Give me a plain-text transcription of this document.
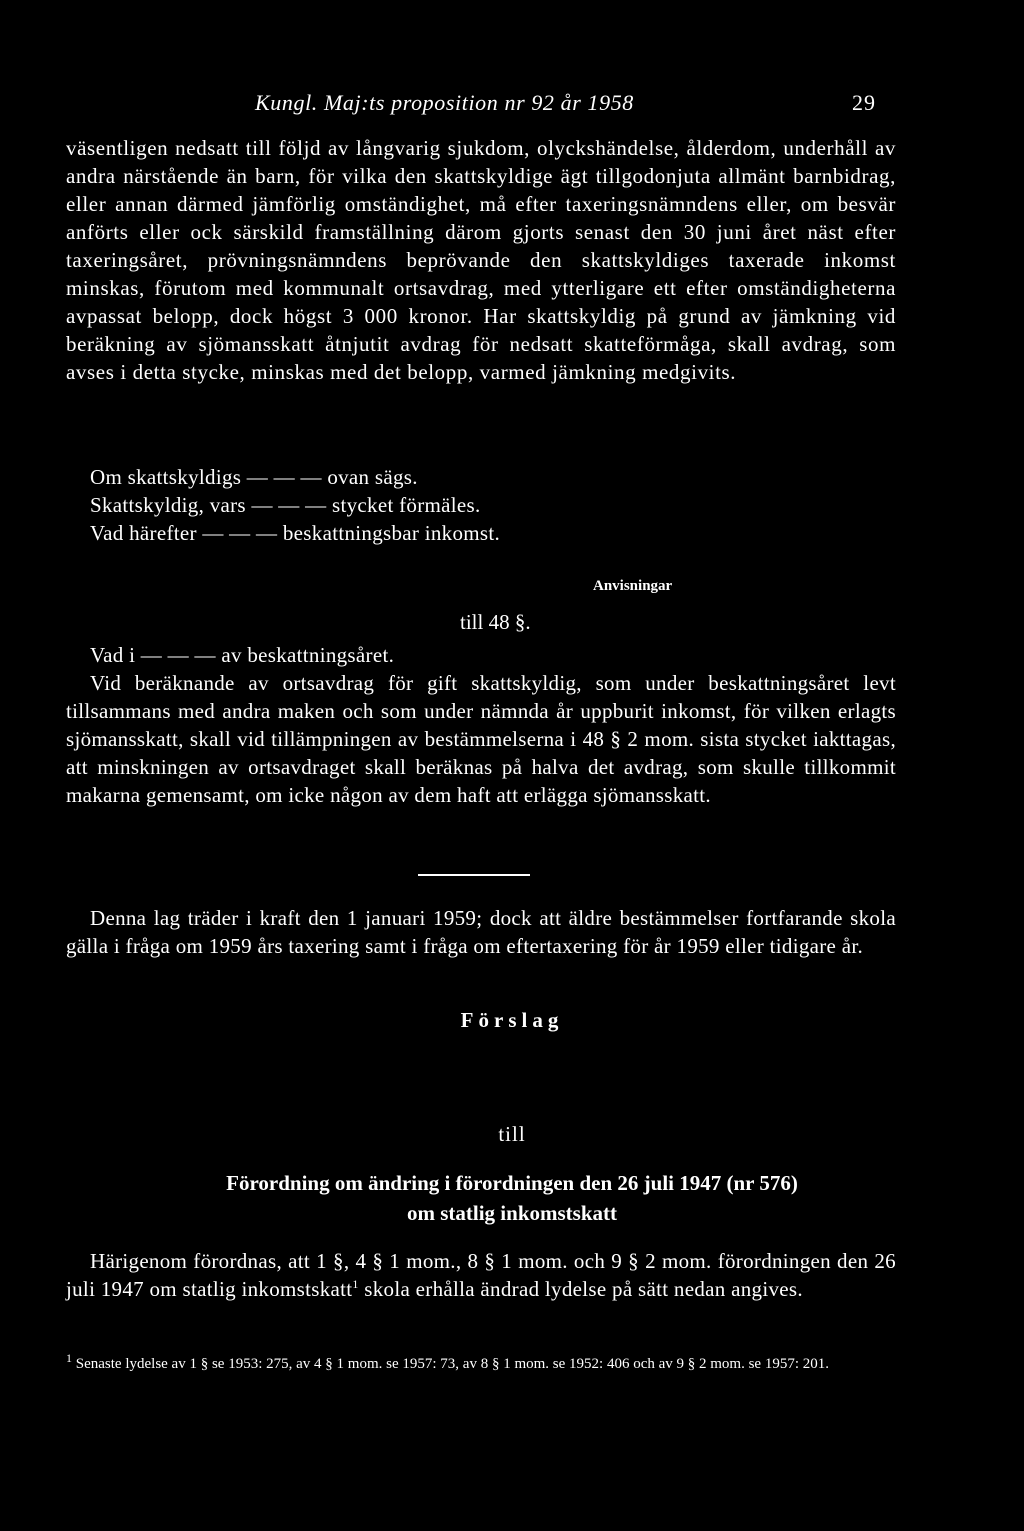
Kungl. Maj:ts proposition nr 92 år 1958	29

väsentligen nedsatt till följd av långvarig sjukdom, olyckshändelse, ålderdom, underhåll av andra närstående än barn, för vilka den skattskyldige ägt tillgodonjuta allmänt barnbidrag, eller annan därmed jämförlig omständighet, må efter taxeringsnämndens eller, om besvär anförts eller ock särskild framställning därom gjorts senast den 30 juni året näst efter taxeringsåret, prövningsnämndens beprövande den skattskyldiges taxerade inkomst minskas, förutom med kommunalt ortsavdrag, med ytterligare ett efter omständigheterna avpassat belopp, dock högst 3 000 kronor. Har skattskyldig på grund av jämkning vid beräkning av sjömansskatt åtnjutit avdrag för nedsatt skatteförmåga, skall avdrag, som avses i detta stycke, minskas med det belopp, varmed jämkning medgivits.

Om skattskyldigs — — — ovan sägs.

Skattskyldig, vars — — — stycket förmäles.

Vad härefter — — — beskattningsbar inkomst.

Anvisningar
till 48 §.

Vad i — — — av beskattningsåret.

Vid beräknande av ortsavdrag för gift skattskyldig, som under beskattningsåret levt tillsammans med andra maken och som under nämnda år uppburit inkomst, för vilken erlagts sjömansskatt, skall vid tillämpningen av bestämmelserna i 48 § 2 mom. sista stycket iakttagas, att minskningen av ortsavdraget skall beräknas på halva det avdrag, som skulle tillkommit makarna gemensamt, om icke någon av dem haft att erlägga sjömansskatt.

Denna lag träder i kraft den 1 januari 1959; dock att äldre bestämmelser fortfarande skola gälla i fråga om 1959 års taxering samt i fråga om eftertaxering för år 1959 eller tidigare år.

Förslag
till
Förordning om ändring i förordningen den 26 juli 1947 (nr 576)
om statlig inkomstskatt

Härigenom förordnas, att 1 §, 4 § 1 mom., 8 § 1 mom. och 9 § 2 mom. förordningen den 26 juli 1947 om statlig inkomstskatt$^1$ skola erhålla ändrad lydelse på sätt nedan angives.

$^1$ Senaste lydelse av 1 § se 1953: 275, av 4 § 1 mom. se 1957: 73, av 8 § 1 mom. se 1952: 406 och av 9 § 2 mom. se 1957: 201.
